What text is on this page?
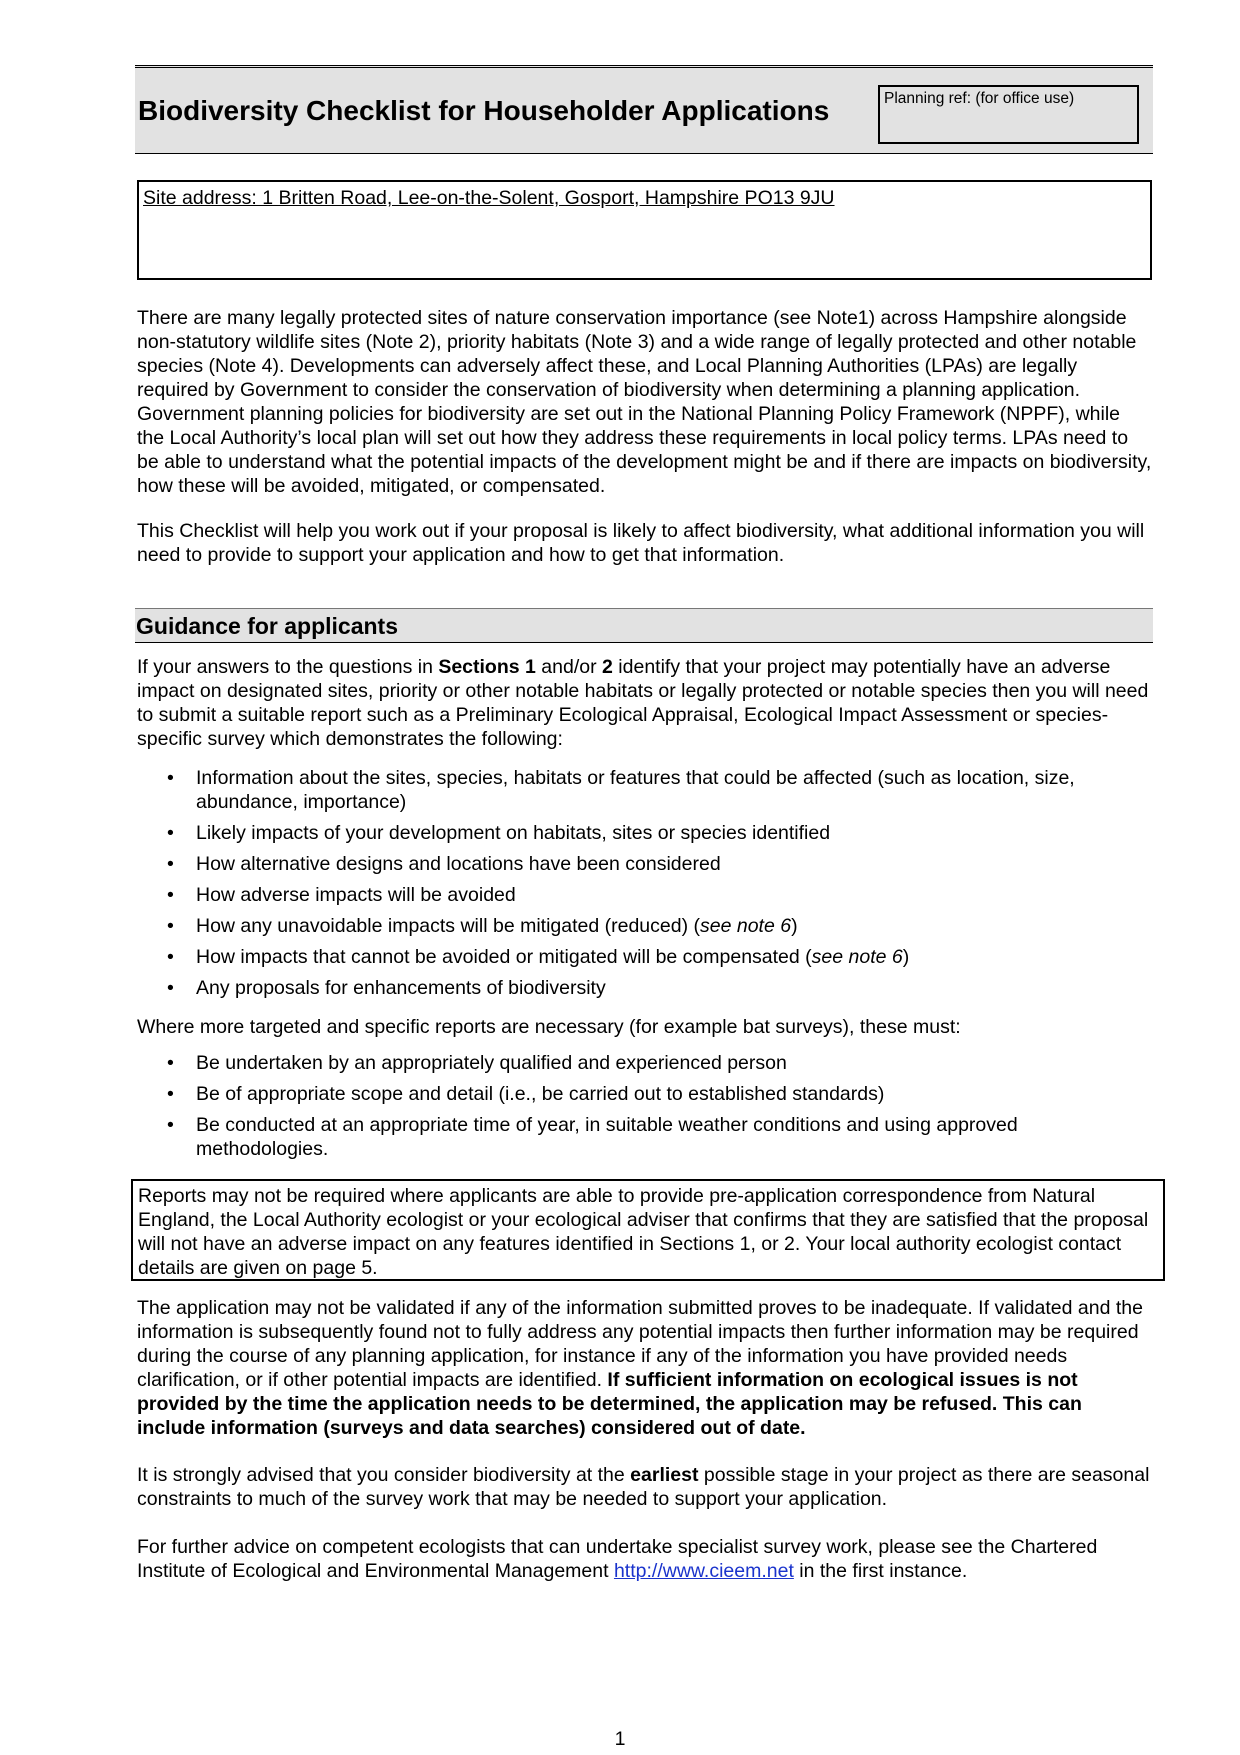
Biodiversity Checklist for Householder Applications	Planning ref: (for office use)
Site address: 1 Britten Road, Lee-on-the-Solent, Gosport, Hampshire PO13 9JU

There are many legally protected sites of nature conservation importance (see Note1) across Hampshire alongside non-statutory wildlife sites (Note 2), priority habitats (Note 3) and a wide range of legally protected and other notable species (Note 4). Developments can adversely affect these, and Local Planning Authorities (LPAs) are legally required by Government to consider the conservation of biodiversity when determining a planning application. Government planning policies for biodiversity are set out in the National Planning Policy Framework (NPPF), while the Local Authority’s local plan will set out how they address these requirements in local policy terms. LPAs need to be able to understand what the potential impacts of the development might be and if there are impacts on biodiversity, how these will be avoided, mitigated, or compensated.

This Checklist will help you work out if your proposal is likely to affect biodiversity, what additional information you will need to provide to support your application and how to get that information.

Guidance for applicants

If your answers to the questions in Sections 1 and/or 2 identify that your project may potentially have an adverse impact on designated sites, priority or other notable habitats or legally protected or notable species then you will need to submit a suitable report such as a Preliminary Ecological Appraisal, Ecological Impact Assessment or species-specific survey which demonstrates the following:

• Information about the sites, species, habitats or features that could be affected (such as location, size, abundance, importance)
• Likely impacts of your development on habitats, sites or species identified
• How alternative designs and locations have been considered
• How adverse impacts will be avoided
• How any unavoidable impacts will be mitigated (reduced) (see note 6)
• How impacts that cannot be avoided or mitigated will be compensated (see note 6)
• Any proposals for enhancements of biodiversity

Where more targeted and specific reports are necessary (for example bat surveys), these must:

• Be undertaken by an appropriately qualified and experienced person
• Be of appropriate scope and detail (i.e., be carried out to established standards)
• Be conducted at an appropriate time of year, in suitable weather conditions and using approved methodologies.
Reports may not be required where applicants are able to provide pre-application correspondence from Natural England, the Local Authority ecologist or your ecological adviser that confirms that they are satisfied that the proposal will not have an adverse impact on any features identified in Sections 1, or 2. Your local authority ecologist contact details are given on page 5.

The application may not be validated if any of the information submitted proves to be inadequate. If validated and the information is subsequently found not to fully address any potential impacts then further information may be required during the course of any planning application, for instance if any of the information you have provided needs clarification, or if other potential impacts are identified. If sufficient information on ecological issues is not provided by the time the application needs to be determined, the application may be refused. This can include information (surveys and data searches) considered out of date.

It is strongly advised that you consider biodiversity at the earliest possible stage in your project as there are seasonal constraints to much of the survey work that may be needed to support your application.

For further advice on competent ecologists that can undertake specialist survey work, please see the Chartered Institute of Ecological and Environmental Management http://www.cieem.net in the first instance.

1
